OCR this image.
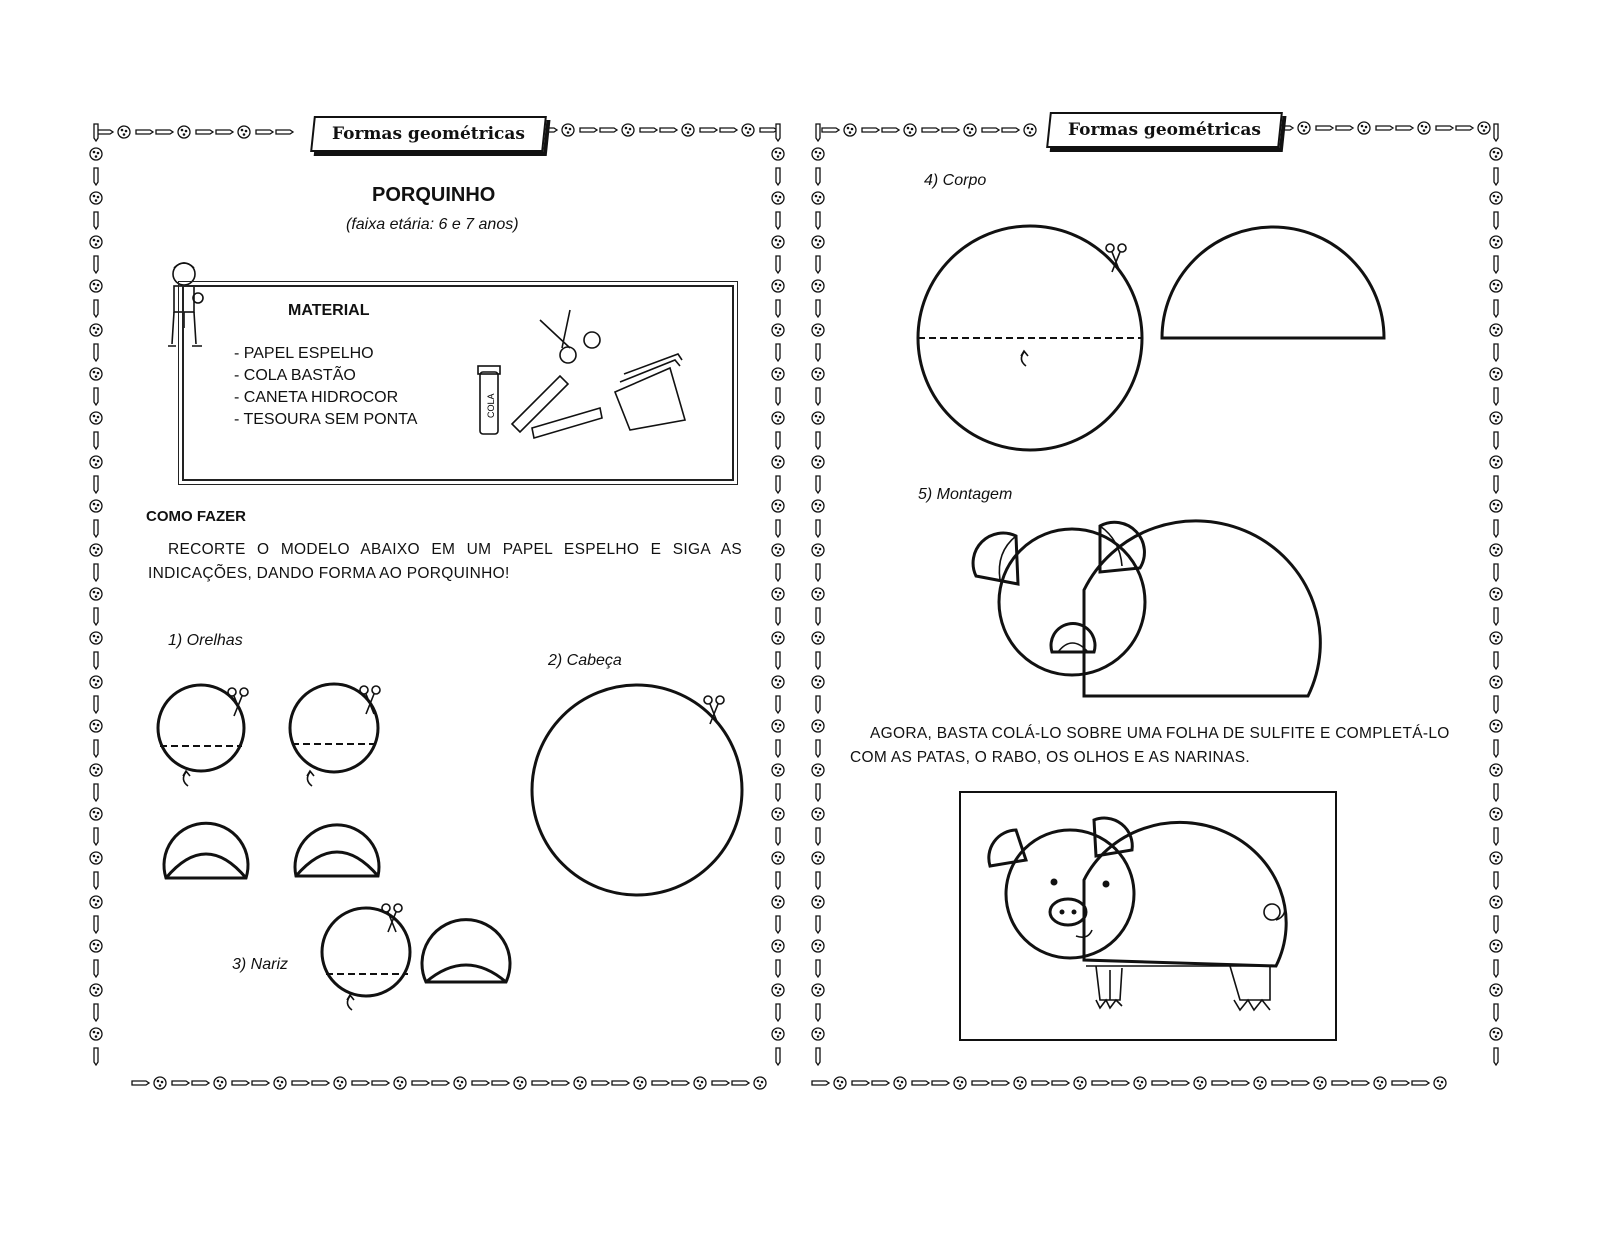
Formas geométricas
PORQUINHO
(faixa etária: 6 e 7 anos)
MATERIAL
- PAPEL ESPELHO
- COLA BASTÃO
- CANETA HIDROCOR
- TESOURA SEM PONTA
COLA
COMO FAZER
RECORTE O MODELO ABAIXO EM UM PAPEL ESPELHO E SIGA AS INDICAÇÕES, DANDO FORMA AO PORQUINHO!
1) Orelhas
2) Cabeça
3) Nariz
Formas geométricas
4) Corpo
5) Montagem
AGORA, BASTA COLÁ-LO SOBRE UMA FOLHA DE SULFITE E COMPLETÁ-LO COM AS PATAS, O RABO, OS OLHOS E AS NARINAS.
